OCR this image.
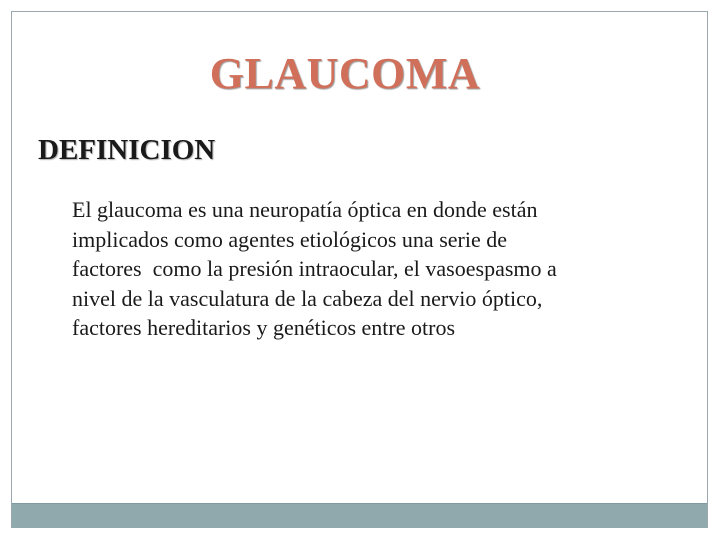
GLAUCOMA
DEFINICION
El glaucoma es una neuropatía óptica en donde están
implicados como agentes etiológicos una serie de
factores  como la presión intraocular, el vasoespasmo a
nivel de la vasculatura de la cabeza del nervio óptico,
factores hereditarios y genéticos entre otros
